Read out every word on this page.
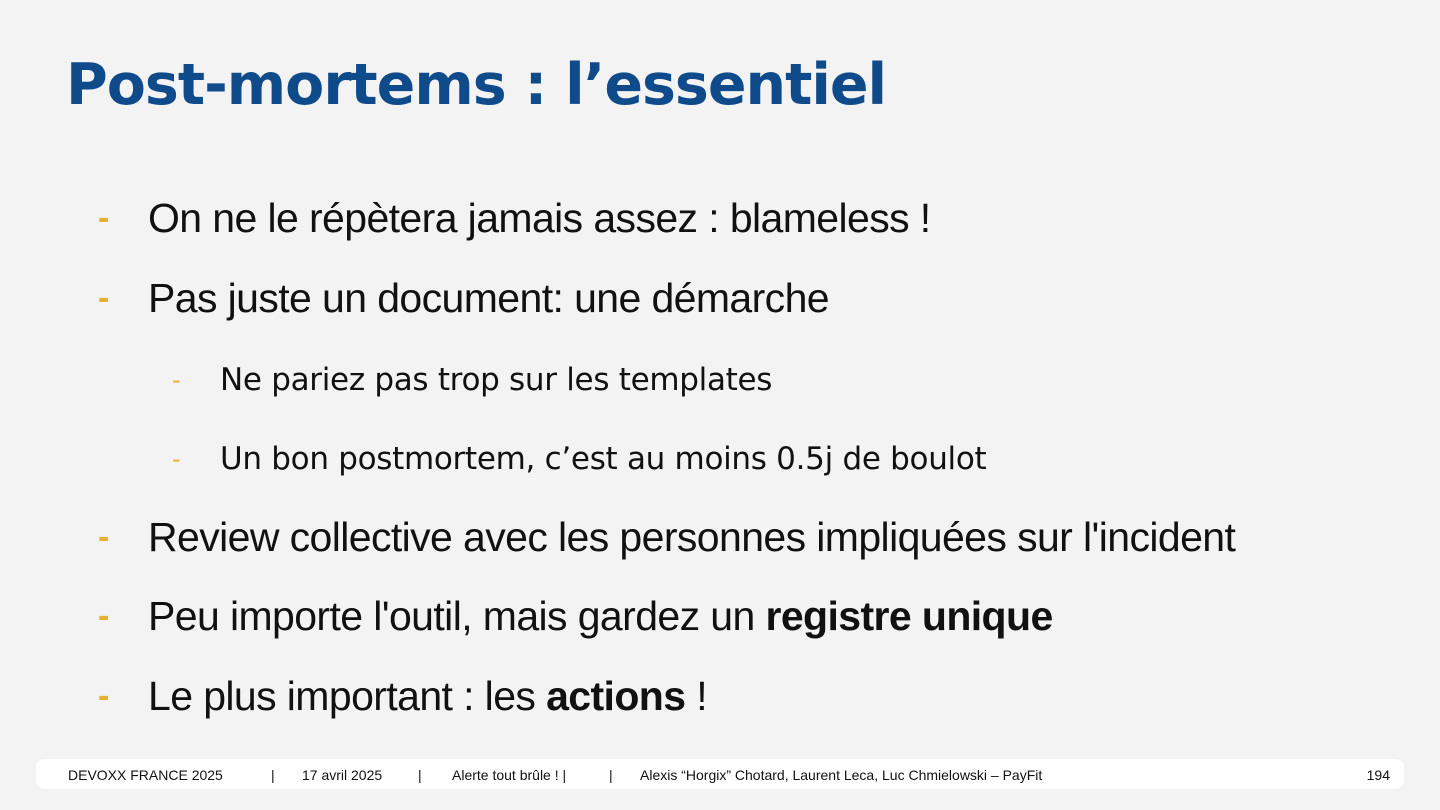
Post-mortems : l’essentiel
- On ne le répètera jamais assez : blameless !
- Pas juste un document: une démarche
- Ne pariez pas trop sur les templates
- Un bon postmortem, c’est au moins 0.5j de boulot
- Review collective avec les personnes impliquées sur l'incident
- Peu importe l'outil, mais gardez un registre unique
- Le plus important : les actions !
DEVOXX FRANCE 2025	| 17 avril 2025	| Alerte tout brûle ! |	| Alexis “Horgix” Chotard, Laurent Leca, Luc Chmielowski – PayFit	194
